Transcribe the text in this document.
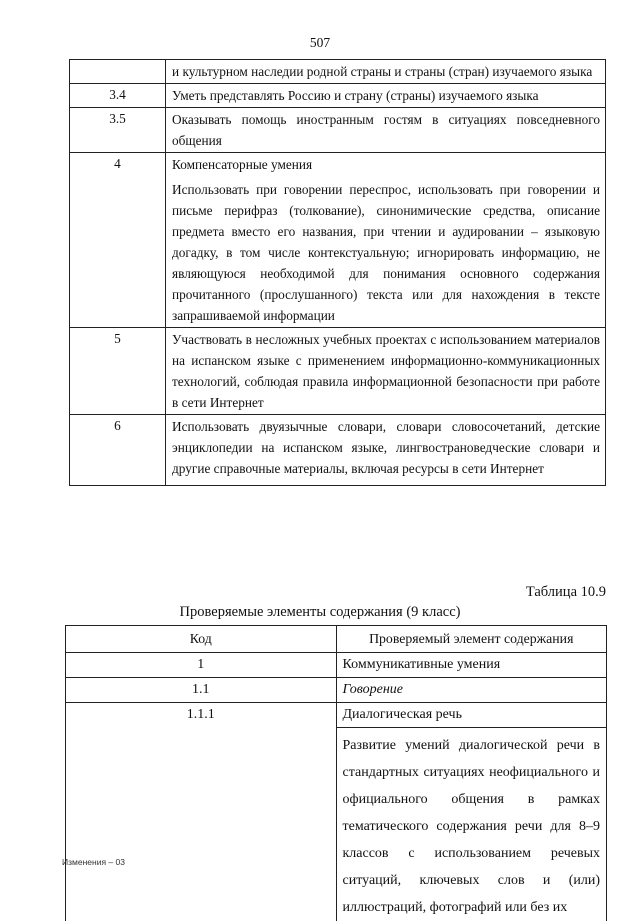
507
	и культурном наследии родной страны и страны (стран) изучаемого языка
3.4	Уметь представлять Россию и страну (страны) изучаемого языка
3.5	Оказывать помощь иностранным гостям в ситуациях повседневного общения
4	Компенсаторные умения
Использовать при говорении переспрос, использовать при говорении и письме перифраз (толкование), синонимические средства, описание предмета вместо его названия, при чтении и аудировании – языковую догадку, в том числе контекстуальную; игнорировать информацию, не являющуюся необходимой для понимания основного содержания прочитанного (прослушанного) текста или для нахождения в тексте запрашиваемой информации

5	Участвовать в несложных учебных проектах с использованием материалов на испанском языке с применением информационно-коммуникационных технологий, соблюдая правила информационной безопасности при работе в сети Интернет
6	Использовать двуязычные словари, словари словосочетаний, детские энциклопедии на испанском языке, лингвострановедческие словари и другие справочные материалы, включая ресурсы в сети Интернет
Таблица 10.9
Проверяемые элементы содержания (9 класс)
Код	Проверяемый элемент содержания
1	Коммуникативные умения
1.1	Говорение
1.1.1	Диалогическая речь
Развитие умений диалогической речи в стандартных ситуациях неофициального и официального общения в рамках тематического содержания речи для 8–9 классов с использованием речевых ситуаций, ключевых слов и (или) иллюстраций, фотографий или без их
Изменения – 03
